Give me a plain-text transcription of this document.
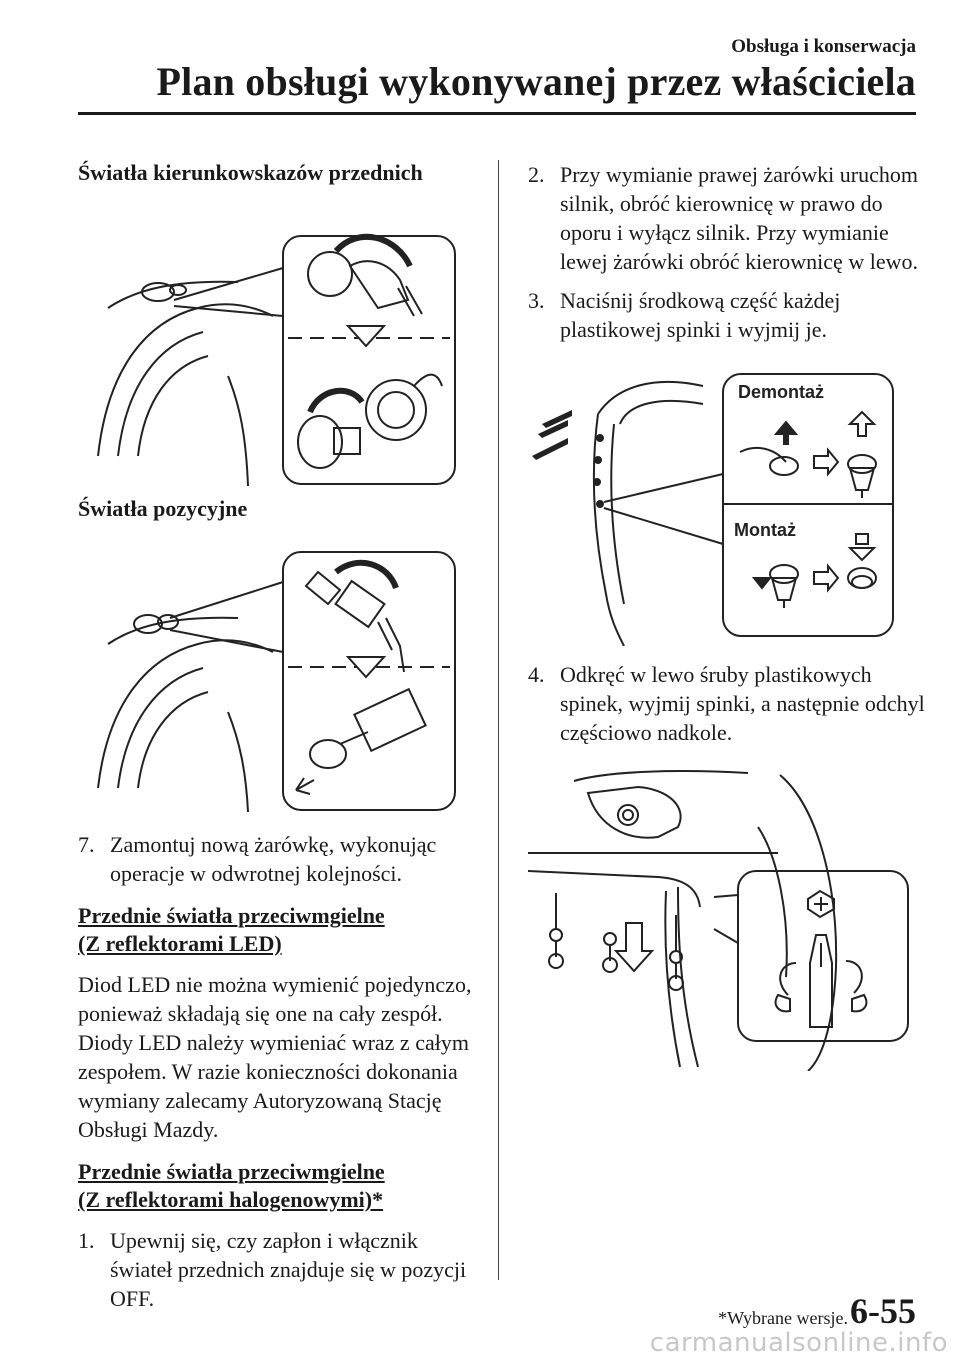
Obsługa i konserwacja
Plan obsługi wykonywanej przez właściciela

Światła kierunkowskazów przednich

Światła pozycyjne

7. Zamontuj nową żarówkę, wykonując operacje w odwrotnej kolejności.

Przednie światła przeciwmgielne

(Z reflektorami LED)

Diod LED nie można wymienić pojedynczo, ponieważ składają się one na cały zespół. Diody LED należy wymieniać wraz z całym zespołem. W razie konieczności dokonania wymiany zalecamy Autoryzowaną Stację Obsługi Mazdy.

Przednie światła przeciwmgielne

(Z reflektorami halogenowymi)*

1. Upewnij się, czy zapłon i włącznik świateł przednich znajduje się w pozycji OFF.
2. Przy wymianie prawej żarówki uruchom silnik, obróć kierownicę w prawo do oporu i wyłącz silnik. Przy wymianie lewej żarówki obróć kierownicę w lewo.
3. Naciśnij środkową część każdej plastikowej spinki i wyjmij je.
Demontaż
Montaż
4. Odkręć w lewo śruby plastikowych spinek, wyjmij spinki, a następnie odchyl częściowo nadkole.
*Wybrane wersje. 6-55
carmanualsonline.info
